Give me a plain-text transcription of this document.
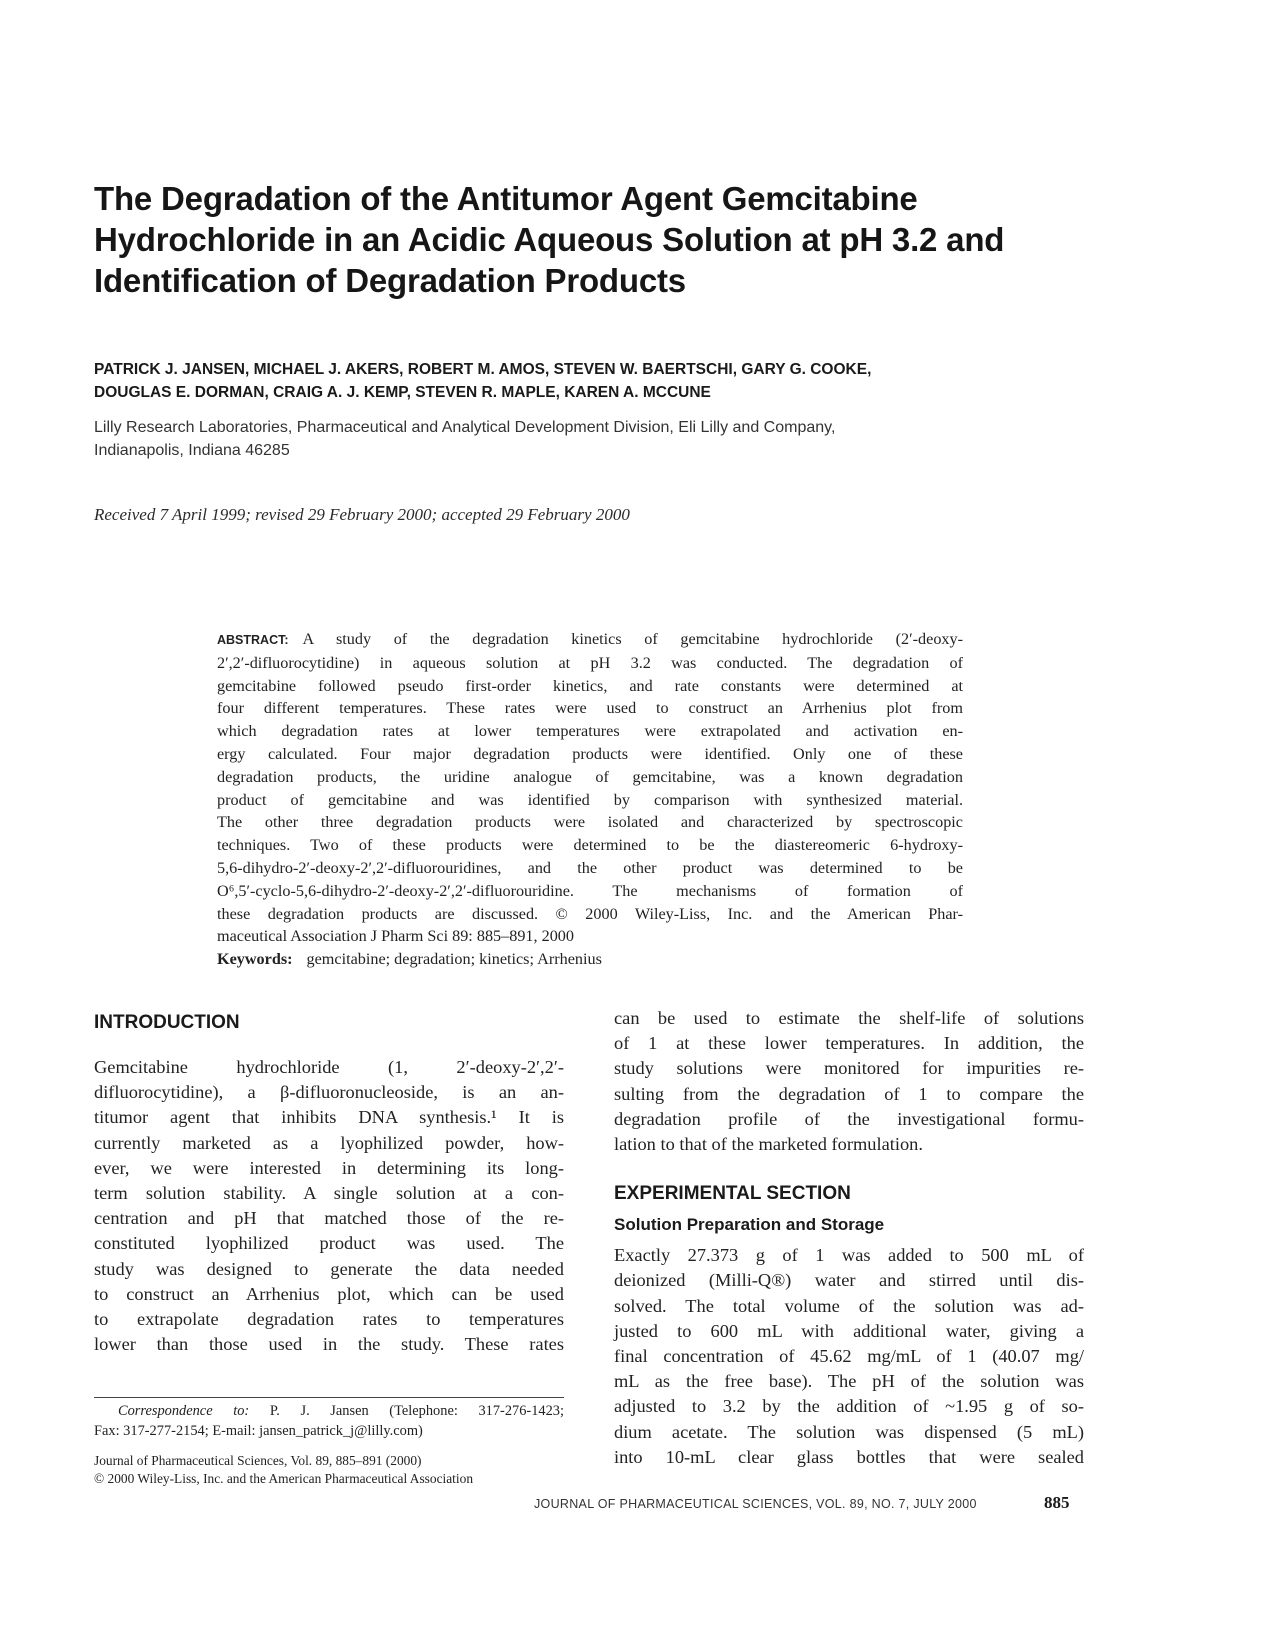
The Degradation of the Antitumor Agent Gemcitabine
Hydrochloride in an Acidic Aqueous Solution at pH 3.2 and
Identification of Degradation Products
PATRICK J. JANSEN, MICHAEL J. AKERS, ROBERT M. AMOS, STEVEN W. BAERTSCHI, GARY G. COOKE,
DOUGLAS E. DORMAN, CRAIG A. J. KEMP, STEVEN R. MAPLE, KAREN A. MCCUNE
Lilly Research Laboratories, Pharmaceutical and Analytical Development Division, Eli Lilly and Company,
Indianapolis, Indiana 46285
Received 7 April 1999; revised 29 February 2000; accepted 29 February 2000
ABSTRACT: A study of the degradation kinetics of gemcitabine hydrochloride (2′-deoxy-
2′,2′-difluorocytidine) in aqueous solution at pH 3.2 was conducted. The degradation of
gemcitabine followed pseudo first-order kinetics, and rate constants were determined at
four different temperatures. These rates were used to construct an Arrhenius plot from
which degradation rates at lower temperatures were extrapolated and activation en-
ergy calculated. Four major degradation products were identified. Only one of these
degradation products, the uridine analogue of gemcitabine, was a known degradation
product of gemcitabine and was identified by comparison with synthesized material.
The other three degradation products were isolated and characterized by spectroscopic
techniques. Two of these products were determined to be the diastereomeric 6-hydroxy-
5,6-dihydro-2′-deoxy-2′,2′-difluorouridines, and the other product was determined to be
O⁶,5′-cyclo-5,6-dihydro-2′-deoxy-2′,2′-difluorouridine. The mechanisms of formation of
these degradation products are discussed. © 2000 Wiley-Liss, Inc. and the American Phar-
maceutical Association J Pharm Sci 89: 885–891, 2000
Keywords: gemcitabine; degradation; kinetics; Arrhenius
INTRODUCTION
Gemcitabine hydrochloride (1, 2′-deoxy-2′,2′-
difluorocytidine), a β-difluoronucleoside, is an an-
titumor agent that inhibits DNA synthesis.¹ It is
currently marketed as a lyophilized powder, how-
ever, we were interested in determining its long-
term solution stability. A single solution at a con-
centration and pH that matched those of the re-
constituted lyophilized product was used. The
study was designed to generate the data needed
to construct an Arrhenius plot, which can be used
to extrapolate degradation rates to temperatures
lower than those used in the study. These rates
Correspondence to: P. J. Jansen (Telephone: 317-276-1423;
Fax: 317-277-2154; E-mail: jansen_patrick_j@lilly.com)
Journal of Pharmaceutical Sciences, Vol. 89, 885–891 (2000)
© 2000 Wiley-Liss, Inc. and the American Pharmaceutical Association
can be used to estimate the shelf-life of solutions
of 1 at these lower temperatures. In addition, the
study solutions were monitored for impurities re-
sulting from the degradation of 1 to compare the
degradation profile of the investigational formu-
lation to that of the marketed formulation.
EXPERIMENTAL SECTION
Solution Preparation and Storage
Exactly 27.373 g of 1 was added to 500 mL of
deionized (Milli-Q®) water and stirred until dis-
solved. The total volume of the solution was ad-
justed to 600 mL with additional water, giving a
final concentration of 45.62 mg/mL of 1 (40.07 mg/
mL as the free base). The pH of the solution was
adjusted to 3.2 by the addition of ~1.95 g of so-
dium acetate. The solution was dispensed (5 mL)
into 10-mL clear glass bottles that were sealed
JOURNAL OF PHARMACEUTICAL SCIENCES, VOL. 89, NO. 7, JULY 2000	885
